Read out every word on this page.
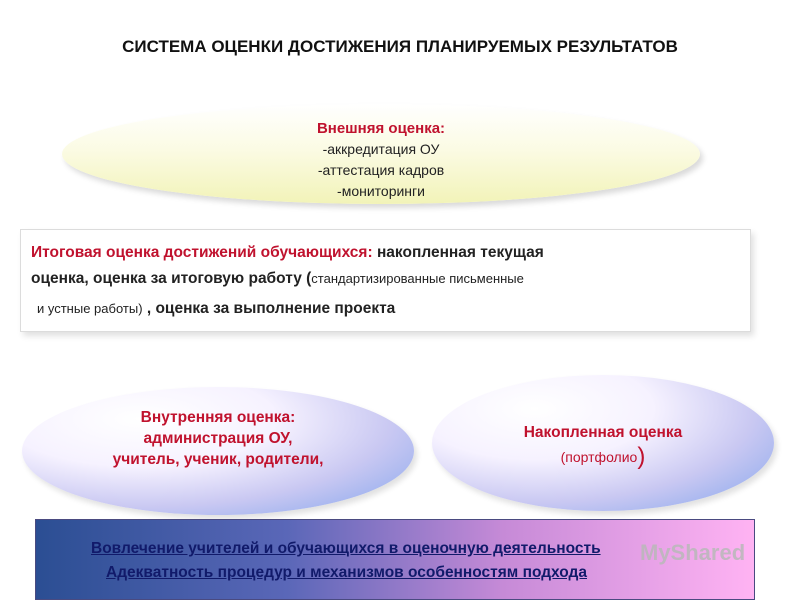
СИСТЕМА ОЦЕНКИ ДОСТИЖЕНИЯ ПЛАНИРУЕМЫХ РЕЗУЛЬТАТОВ
Внешняя оценка:
-аккредитация ОУ
-аттестация кадров
-мониторинги
Итоговая оценка достижений обучающихся: накопленная текущая
оценка, оценка за итоговую работу (стандартизированные письменные
и устные работы) , оценка за выполнение проекта
Внутренняя оценка:
администрация ОУ,
учитель, ученик, родители,
Накопленная оценка
(портфолио)
Вовлечение учителей и обучающихся в оценочную деятельность
Адекватность процедур и механизмов особенностям подхода
MyShared
